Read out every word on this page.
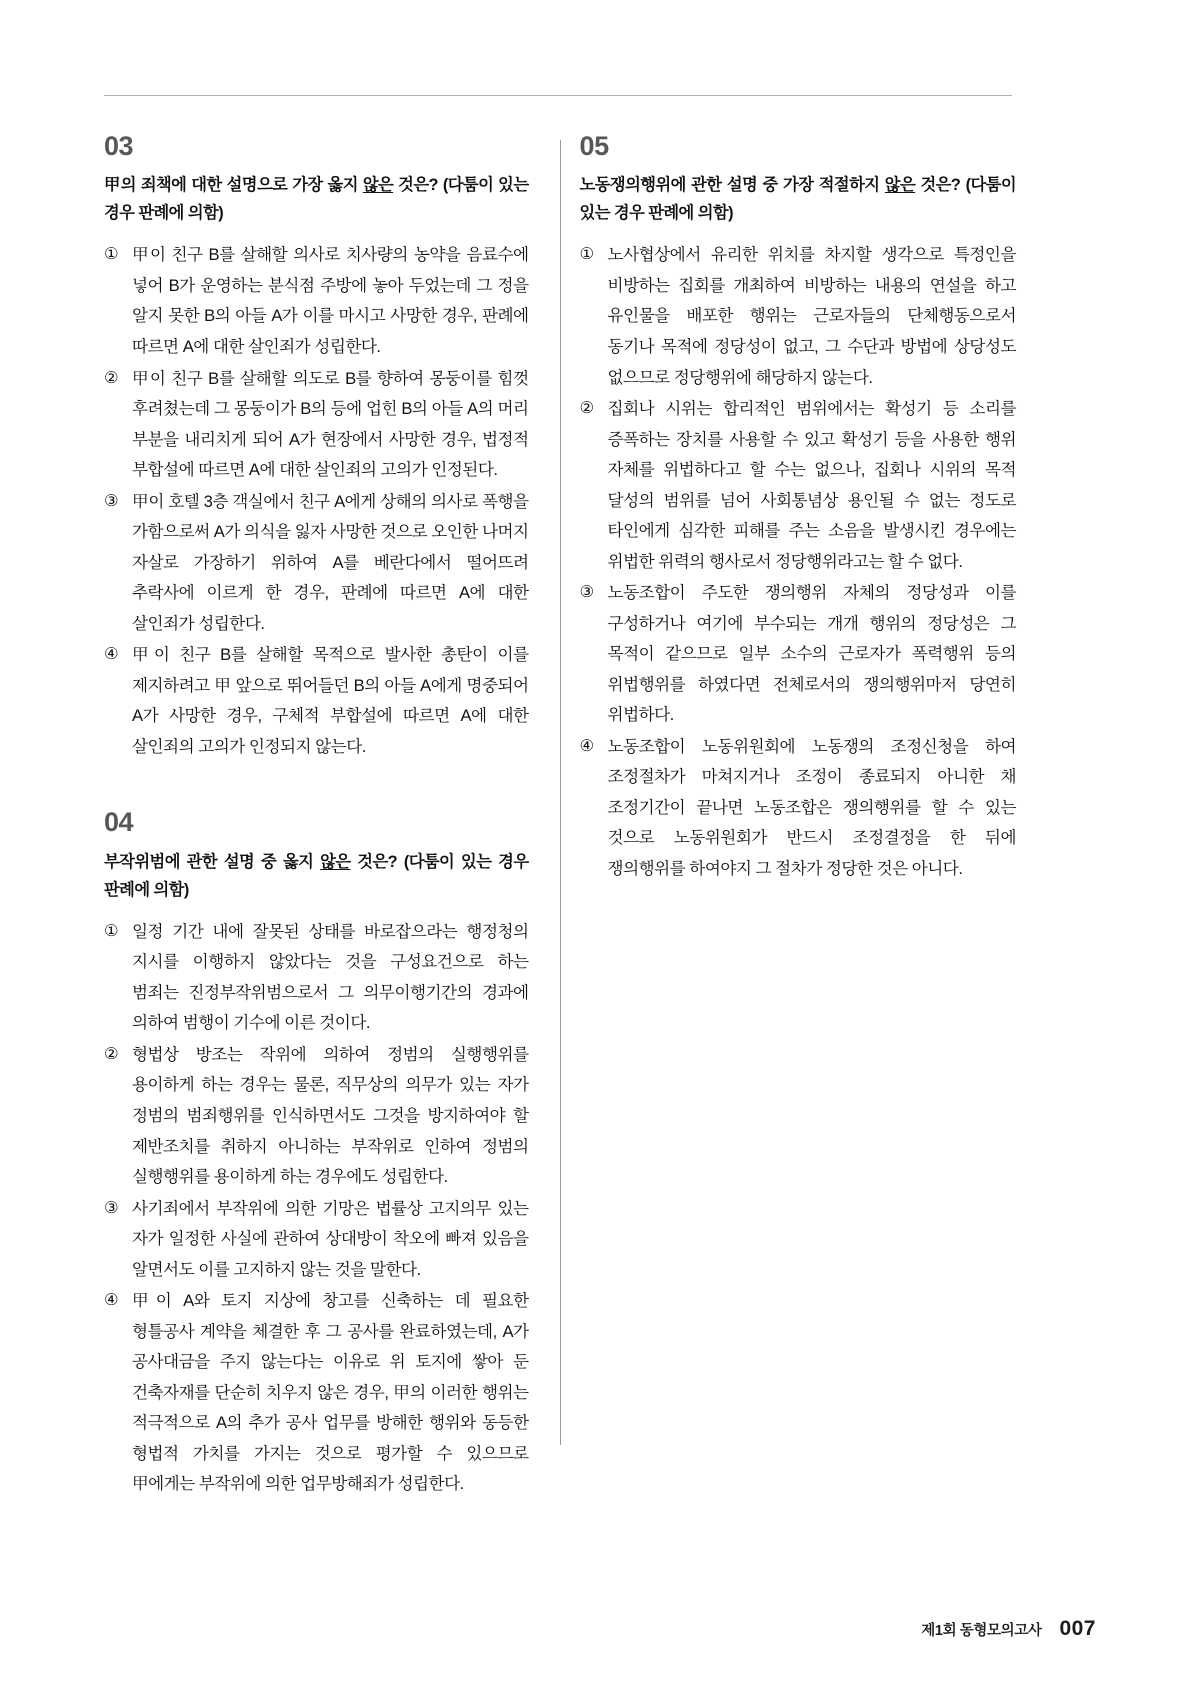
03
甲의 죄책에 대한 설명으로 가장 옳지 않은 것은? (다툼이 있는 경우 판례에 의함)
① 甲이 친구 B를 살해할 의사로 치사량의 농약을 음료수에 넣어 B가 운영하는 분식점 주방에 놓아 두었는데 그 정을 알지 못한 B의 아들 A가 이를 마시고 사망한 경우, 판례에 따르면 A에 대한 살인죄가 성립한다.
② 甲이 친구 B를 살해할 의도로 B를 향하여 몽둥이를 힘껏 후려쳤는데 그 몽둥이가 B의 등에 업힌 B의 아들 A의 머리 부분을 내리치게 되어 A가 현장에서 사망한 경우, 법정적 부합설에 따르면 A에 대한 살인죄의 고의가 인정된다.
③ 甲이 호텔 3층 객실에서 친구 A에게 상해의 의사로 폭행을 가함으로써 A가 의식을 잃자 사망한 것으로 오인한 나머지 자살로 가장하기 위하여 A를 베란다에서 떨어뜨려 추락사에 이르게 한 경우, 판례에 따르면 A에 대한 살인죄가 성립한다.
④ 甲이 친구 B를 살해할 목적으로 발사한 총탄이 이를 제지하려고 甲 앞으로 뛰어들던 B의 아들 A에게 명중되어 A가 사망한 경우, 구체적 부합설에 따르면 A에 대한 살인죄의 고의가 인정되지 않는다.
04
부작위범에 관한 설명 중 옳지 않은 것은? (다툼이 있는 경우 판례에 의함)
① 일정 기간 내에 잘못된 상태를 바로잡으라는 행정청의 지시를 이행하지 않았다는 것을 구성요건으로 하는 범죄는 진정부작위범으로서 그 의무이행기간의 경과에 의하여 범행이 기수에 이른 것이다.
② 형법상 방조는 작위에 의하여 정범의 실행행위를 용이하게 하는 경우는 물론, 직무상의 의무가 있는 자가 정범의 범죄행위를 인식하면서도 그것을 방지하여야 할 제반조치를 취하지 아니하는 부작위로 인하여 정범의 실행행위를 용이하게 하는 경우에도 성립한다.
③ 사기죄에서 부작위에 의한 기망은 법률상 고지의무 있는 자가 일정한 사실에 관하여 상대방이 착오에 빠져 있음을 알면서도 이를 고지하지 않는 것을 말한다.
④ 甲이 A와 토지 지상에 창고를 신축하는 데 필요한 형틀공사 계약을 체결한 후 그 공사를 완료하였는데, A가 공사대금을 주지 않는다는 이유로 위 토지에 쌓아 둔 건축자재를 단순히 치우지 않은 경우, 甲의 이러한 행위는 적극적으로 A의 추가 공사 업무를 방해한 행위와 동등한 형법적 가치를 가지는 것으로 평가할 수 있으므로 甲에게는 부작위에 의한 업무방해죄가 성립한다.
05
노동쟁의행위에 관한 설명 중 가장 적절하지 않은 것은? (다툼이 있는 경우 판례에 의함)
① 노사협상에서 유리한 위치를 차지할 생각으로 특정인을 비방하는 집회를 개최하여 비방하는 내용의 연설을 하고 유인물을 배포한 행위는 근로자들의 단체행동으로서 동기나 목적에 정당성이 없고, 그 수단과 방법에 상당성도 없으므로 정당행위에 해당하지 않는다.
② 집회나 시위는 합리적인 범위에서는 확성기 등 소리를 증폭하는 장치를 사용할 수 있고 확성기 등을 사용한 행위 자체를 위법하다고 할 수는 없으나, 집회나 시위의 목적 달성의 범위를 넘어 사회통념상 용인될 수 없는 정도로 타인에게 심각한 피해를 주는 소음을 발생시킨 경우에는 위법한 위력의 행사로서 정당행위라고는 할 수 없다.
③ 노동조합이 주도한 쟁의행위 자체의 정당성과 이를 구성하거나 여기에 부수되는 개개 행위의 정당성은 그 목적이 같으므로 일부 소수의 근로자가 폭력행위 등의 위법행위를 하였다면 전체로서의 쟁의행위마저 당연히 위법하다.
④ 노동조합이 노동위원회에 노동쟁의 조정신청을 하여 조정절차가 마쳐지거나 조정이 종료되지 아니한 채 조정기간이 끝나면 노동조합은 쟁의행위를 할 수 있는 것으로 노동위원회가 반드시 조정결정을 한 뒤에 쟁의행위를 하여야지 그 절차가 정당한 것은 아니다.
제1회 동형모의고사 007
